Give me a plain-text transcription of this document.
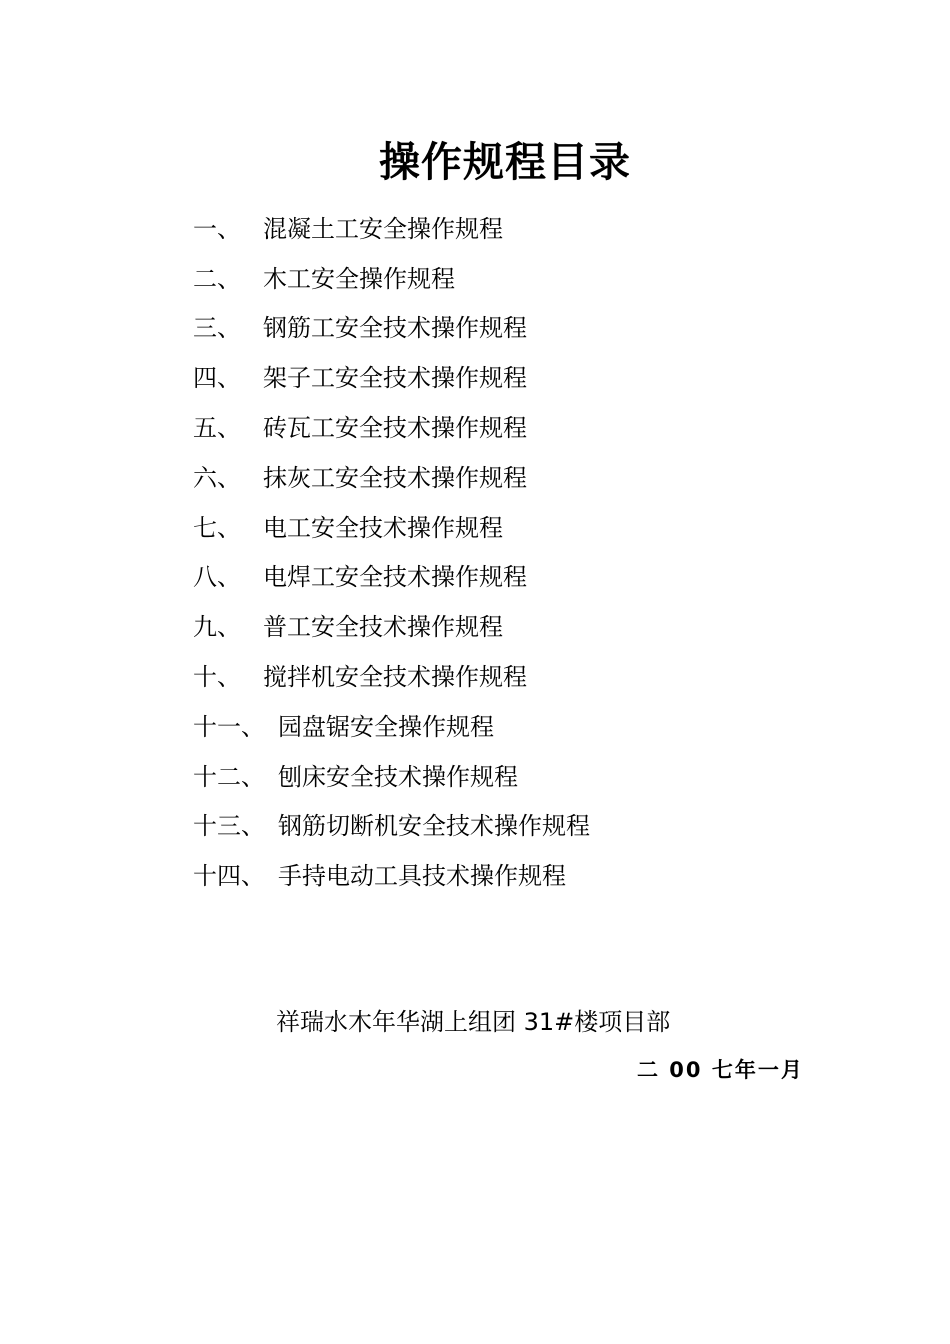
操作规程目录
一、 混凝土工安全操作规程
二、 木工安全操作规程
三、 钢筋工安全技术操作规程
四、 架子工安全技术操作规程
五、 砖瓦工安全技术操作规程
六、 抹灰工安全技术操作规程
七、 电工安全技术操作规程
八、 电焊工安全技术操作规程
九、 普工安全技术操作规程
十、 搅拌机安全技术操作规程
十一、 园盘锯安全操作规程
十二、 刨床安全技术操作规程
十三、 钢筋切断机安全技术操作规程
十四、 手持电动工具技术操作规程

祥瑞水木年华湖上组团 31#楼项目部

二 00 七年一月
